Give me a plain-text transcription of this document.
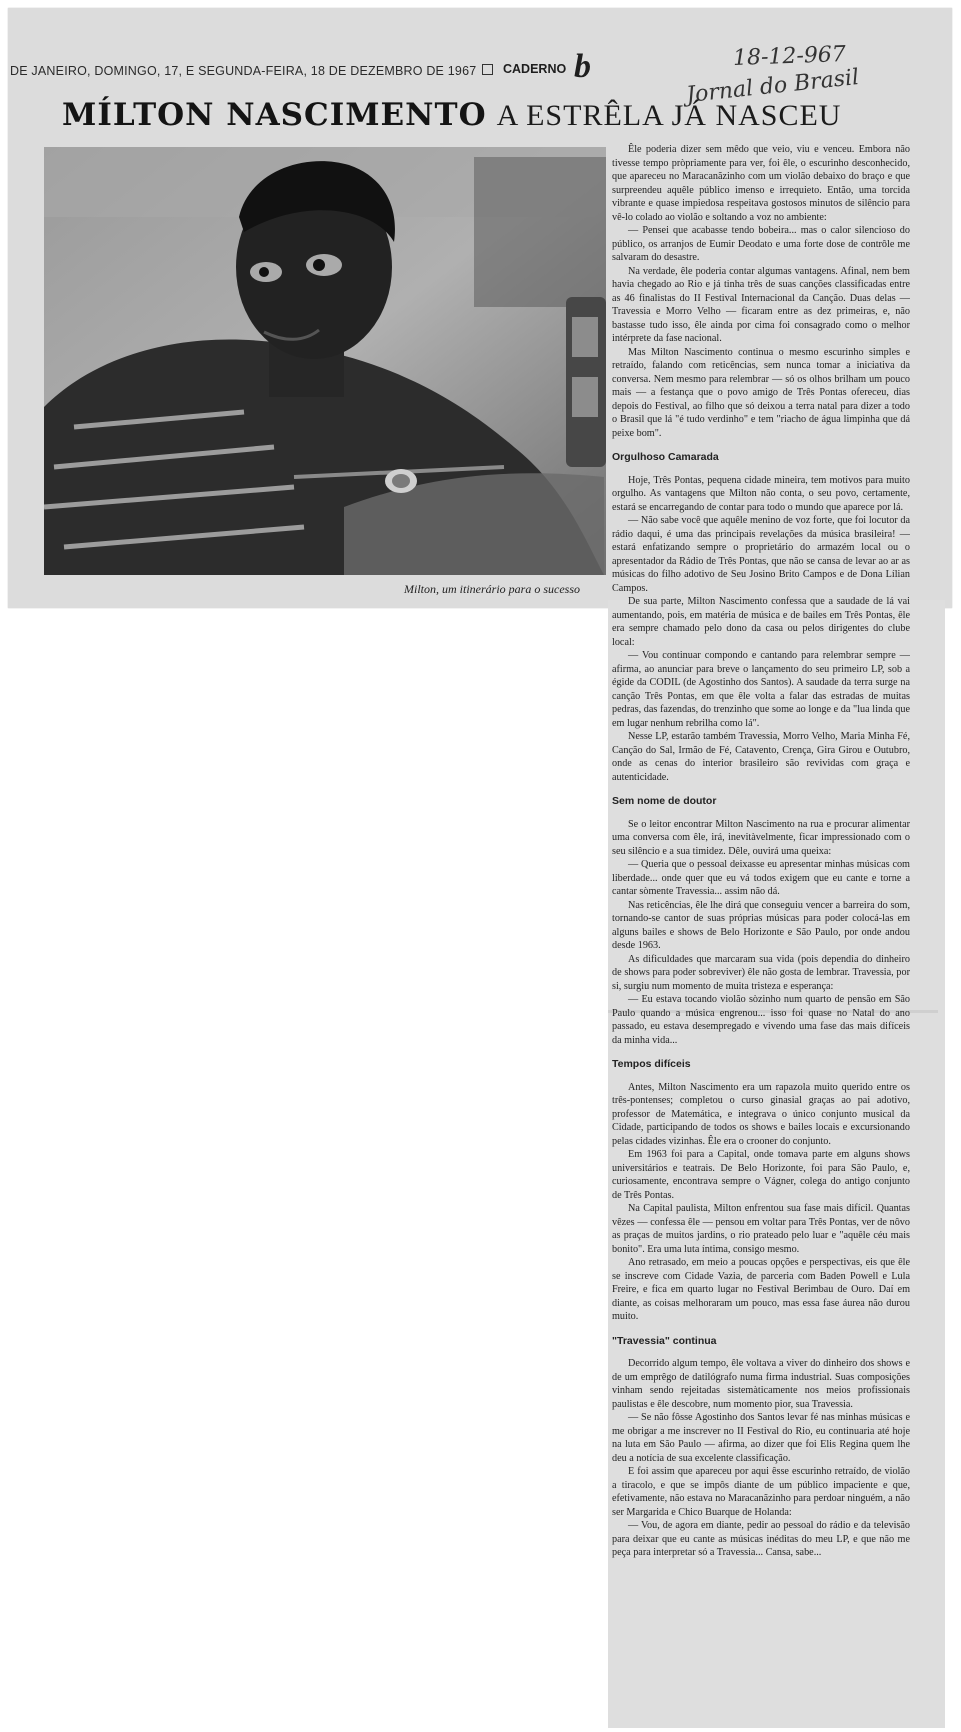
DE JANEIRO, DOMINGO, 17, E SEGUNDA-FEIRA, 18 DE DEZEMBRO DE 1967	CADERNO b	18-12-967
Jornal do Brasil
MÍLTON NASCIMENTO A ESTRÊLA JÁ NASCEU
Milton, um itinerário para o sucesso

Êle poderia dizer sem mêdo que veio, viu e venceu. Embora não tivesse tempo pròpriamente para ver, foi êle, o escurinho desconhecido, que apareceu no Maracanãzinho com um violão debaixo do braço e que surpreendeu aquêle público imenso e irrequieto. Então, uma torcida vibrante e quase impiedosa respeitava gostosos minutos de silêncio para vê-lo colado ao violão e soltando a voz no ambiente:

— Pensei que acabasse tendo bobeira... mas o calor silencioso do público, os arranjos de Eumir Deodato e uma forte dose de contrôle me salvaram do desastre.

Na verdade, êle poderia contar algumas vantagens. Afinal, nem bem havia chegado ao Rio e já tinha três de suas canções classificadas entre as 46 finalistas do II Festival Internacional da Canção. Duas delas — Travessia e Morro Velho — ficaram entre as dez primeiras, e, não bastasse tudo isso, êle ainda por cima foi consagrado como o melhor intérprete da fase nacional.

Mas Milton Nascimento continua o mesmo escurinho simples e retraído, falando com reticências, sem nunca tomar a iniciativa da conversa. Nem mesmo para relembrar — só os olhos brilham um pouco mais — a festança que o povo amigo de Três Pontas ofereceu, dias depois do Festival, ao filho que só deixou a terra natal para dizer a todo o Brasil que lá "é tudo verdinho" e tem "riacho de água limpinha que dá peixe bom".

Orgulhoso Camarada

Hoje, Três Pontas, pequena cidade mineira, tem motivos para muito orgulho. As vantagens que Milton não conta, o seu povo, certamente, estará se encarregando de contar para todo o mundo que aparece por lá.

— Não sabe você que aquêle menino de voz forte, que foi locutor da rádio daqui, é uma das principais revelações da música brasileira! — estará enfatizando sempre o proprietário do armazém local ou o apresentador da Rádio de Três Pontas, que não se cansa de levar ao ar as músicas do filho adotivo de Seu Josino Brito Campos e de Dona Lílian Campos.

De sua parte, Milton Nascimento confessa que a saudade de lá vai aumentando, pois, em matéria de música e de bailes em Três Pontas, êle era sempre chamado pelo dono da casa ou pelos dirigentes do clube local:

— Vou continuar compondo e cantando para relembrar sempre — afirma, ao anunciar para breve o lançamento do seu primeiro LP, sob a égide da CODIL (de Agostinho dos Santos). A saudade da terra surge na canção Três Pontas, em que êle volta a falar das estradas de muitas pedras, das fazendas, do trenzinho que some ao longe e da "lua linda que em lugar nenhum rebrilha como lá".

Nesse LP, estarão também Travessia, Morro Velho, Maria Minha Fé, Canção do Sal, Irmão de Fé, Catavento, Crença, Gira Girou e Outubro, onde as cenas do interior brasileiro são revividas com graça e autenticidade.

Sem nome de doutor

Se o leitor encontrar Milton Nascimento na rua e procurar alimentar uma conversa com êle, irá, inevitàvelmente, ficar impressionado com o seu silêncio e a sua timidez. Dêle, ouvirá uma queixa:

— Queria que o pessoal deixasse eu apresentar minhas músicas com liberdade... onde quer que eu vá todos exigem que eu cante e torne a cantar sòmente Travessia... assim não dá.

Nas reticências, êle lhe dirá que conseguiu vencer a barreira do som, tornando-se cantor de suas próprias músicas para poder colocá-las em alguns bailes e shows de Belo Horizonte e São Paulo, por onde andou desde 1963.

As dificuldades que marcaram sua vida (pois dependia do dinheiro de shows para poder sobreviver) êle não gosta de lembrar. Travessia, por si, surgiu num momento de muita tristeza e esperança:

— Eu estava tocando violão sòzinho num quarto de pensão em São Paulo quando a música engrenou... isso foi quase no Natal do ano passado, eu estava desempregado e vivendo uma fase das mais difíceis da minha vida...

Tempos difíceis

Antes, Milton Nascimento era um rapazola muito querido entre os três-pontenses; completou o curso ginasial graças ao pai adotivo, professor de Matemática, e integrava o único conjunto musical da Cidade, participando de todos os shows e bailes locais e excursionando pelas cidades vizinhas. Êle era o crooner do conjunto.

Em 1963 foi para a Capital, onde tomava parte em alguns shows universitários e teatrais. De Belo Horizonte, foi para São Paulo, e, curiosamente, encontrava sempre o Vágner, colega do antigo conjunto de Três Pontas.

Na Capital paulista, Milton enfrentou sua fase mais difícil. Quantas vêzes — confessa êle — pensou em voltar para Três Pontas, ver de nôvo as praças de muitos jardins, o rio prateado pelo luar e "aquêle céu mais bonito". Era uma luta íntima, consigo mesmo.

Ano retrasado, em meio a poucas opções e perspectivas, eis que êle se inscreve com Cidade Vazia, de parceria com Baden Powell e Lula Freire, e fica em quarto lugar no Festival Berimbau de Ouro. Daí em diante, as coisas melhoraram um pouco, mas essa fase áurea não durou muito.

"Travessia" continua

Decorrido algum tempo, êle voltava a viver do dinheiro dos shows e de um emprêgo de datilógrafo numa firma industrial. Suas composições vinham sendo rejeitadas sistemàticamente nos meios profissionais paulistas e êle descobre, num momento pior, sua Travessia.

— Se não fôsse Agostinho dos Santos levar fé nas minhas músicas e me obrigar a me inscrever no II Festival do Rio, eu continuaria até hoje na luta em São Paulo — afirma, ao dizer que foi Elis Regina quem lhe deu a notícia de sua excelente classificação.

E foi assim que apareceu por aqui êsse escurinho retraído, de violão a tiracolo, e que se impôs diante de um público impaciente e que, efetivamente, não estava no Maracanãzinho para perdoar ninguém, a não ser Margarida e Chico Buarque de Holanda:

— Vou, de agora em diante, pedir ao pessoal do rádio e da televisão para deixar que eu cante as músicas inéditas do meu LP, e que não me peça para interpretar só a Travessia... Cansa, sabe...
